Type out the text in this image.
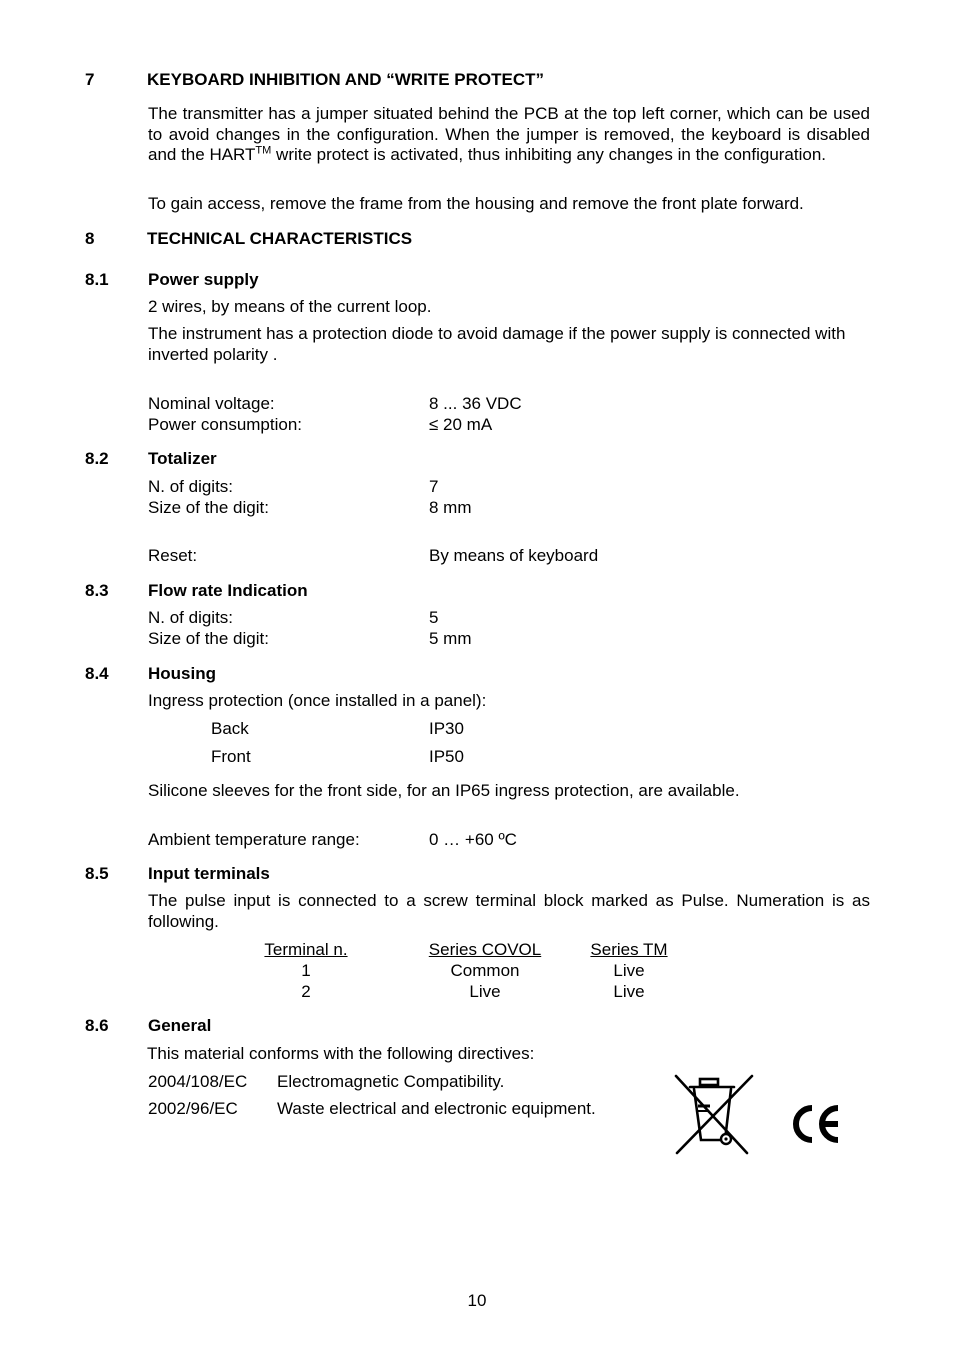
7	KEYBOARD INHIBITION AND “WRITE PROTECT”
The transmitter has a jumper situated behind the PCB at the top left corner, which can be used to avoid changes in the configuration. When the jumper is removed, the keyboard is disabled and the HART™ write protect is activated, thus inhibiting any changes in the configuration.
To gain access, remove the frame from the housing and remove the front plate forward.
8	TECHNICAL CHARACTERISTICS
8.1 Power supply
2 wires, by means of the current loop.
The instrument has a protection diode to avoid damage if the power supply is connected with inverted polarity .
Nominal voltage:	8 ... 36 VDC
Power consumption:	≤ 20 mA
8.2 Totalizer
N. of digits:	7
Size of the digit:	8 mm
Reset:	By means of keyboard
8.3 Flow rate Indication
N. of digits:	5
Size of the digit:	5 mm
8.4 Housing
Ingress protection (once installed in a panel):
Back	IP30
Front	IP50
Silicone sleeves for the front side, for an IP65 ingress protection, are available.
Ambient temperature range:	0 … +60 ºC
8.5 Input terminals
The pulse input is connected to a screw terminal block marked as Pulse. Numeration is as following.
Terminal n.	Series COVOL	Series TM
1	Common	Live
2	Live	Live
8.6 General
This material conforms with the following directives:
2004/108/EC Electromagnetic Compatibility.
2002/96/EC Waste electrical and electronic equipment.
10
